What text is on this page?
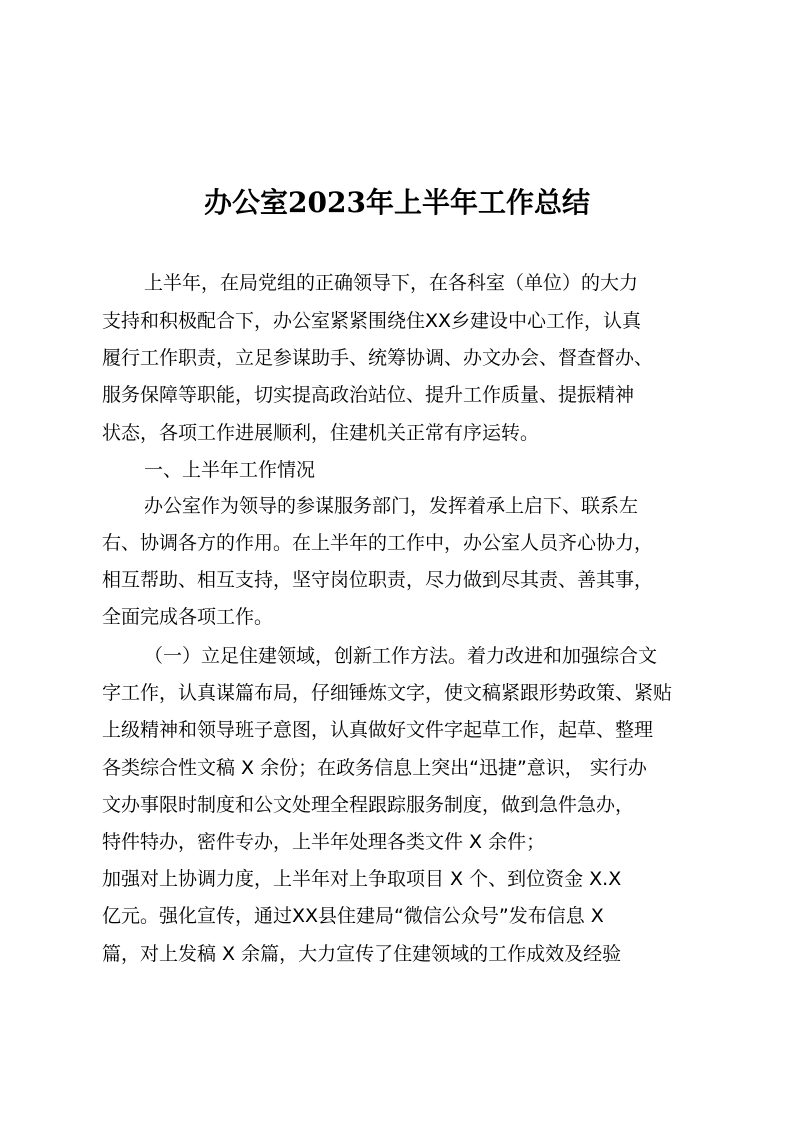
办公室2023年上半年工作总结
上半年，在局党组的正确领导下，在各科室（单位）的大力
支持和积极配合下，办公室紧紧围绕住XX乡建设中心工作，认真
履行工作职责，立足参谋助手、统筹协调、办文办会、督查督办、
服务保障等职能，切实提高政治站位、提升工作质量、提振精神
状态，各项工作进展顺利，住建机关正常有序运转。
一、上半年工作情况
办公室作为领导的参谋服务部门，发挥着承上启下、联系左
右、协调各方的作用。在上半年的工作中，办公室人员齐心协力，
相互帮助、相互支持，坚守岗位职责，尽力做到尽其责、善其事，
全面完成各项工作。
（一）立足住建领域，创新工作方法。着力改进和加强综合文
字工作，认真谋篇布局，仔细锤炼文字，使文稿紧跟形势政策、紧贴
上级精神和领导班子意图，认真做好文件字起草工作，起草、整理
各类综合性文稿 X 余份；在政务信息上突出“迅捷”意识， 实行办
文办事限时制度和公文处理全程跟踪服务制度，做到急件急办，
特件特办，密件专办，上半年处理各类文件 X 余件；
加强对上协调力度，上半年对上争取项目 X 个、到位资金 X.X
亿元。强化宣传，通过XX县住建局“微信公众号”发布信息 X
篇，对上发稿 X 余篇，大力宣传了住建领域的工作成效及经验
